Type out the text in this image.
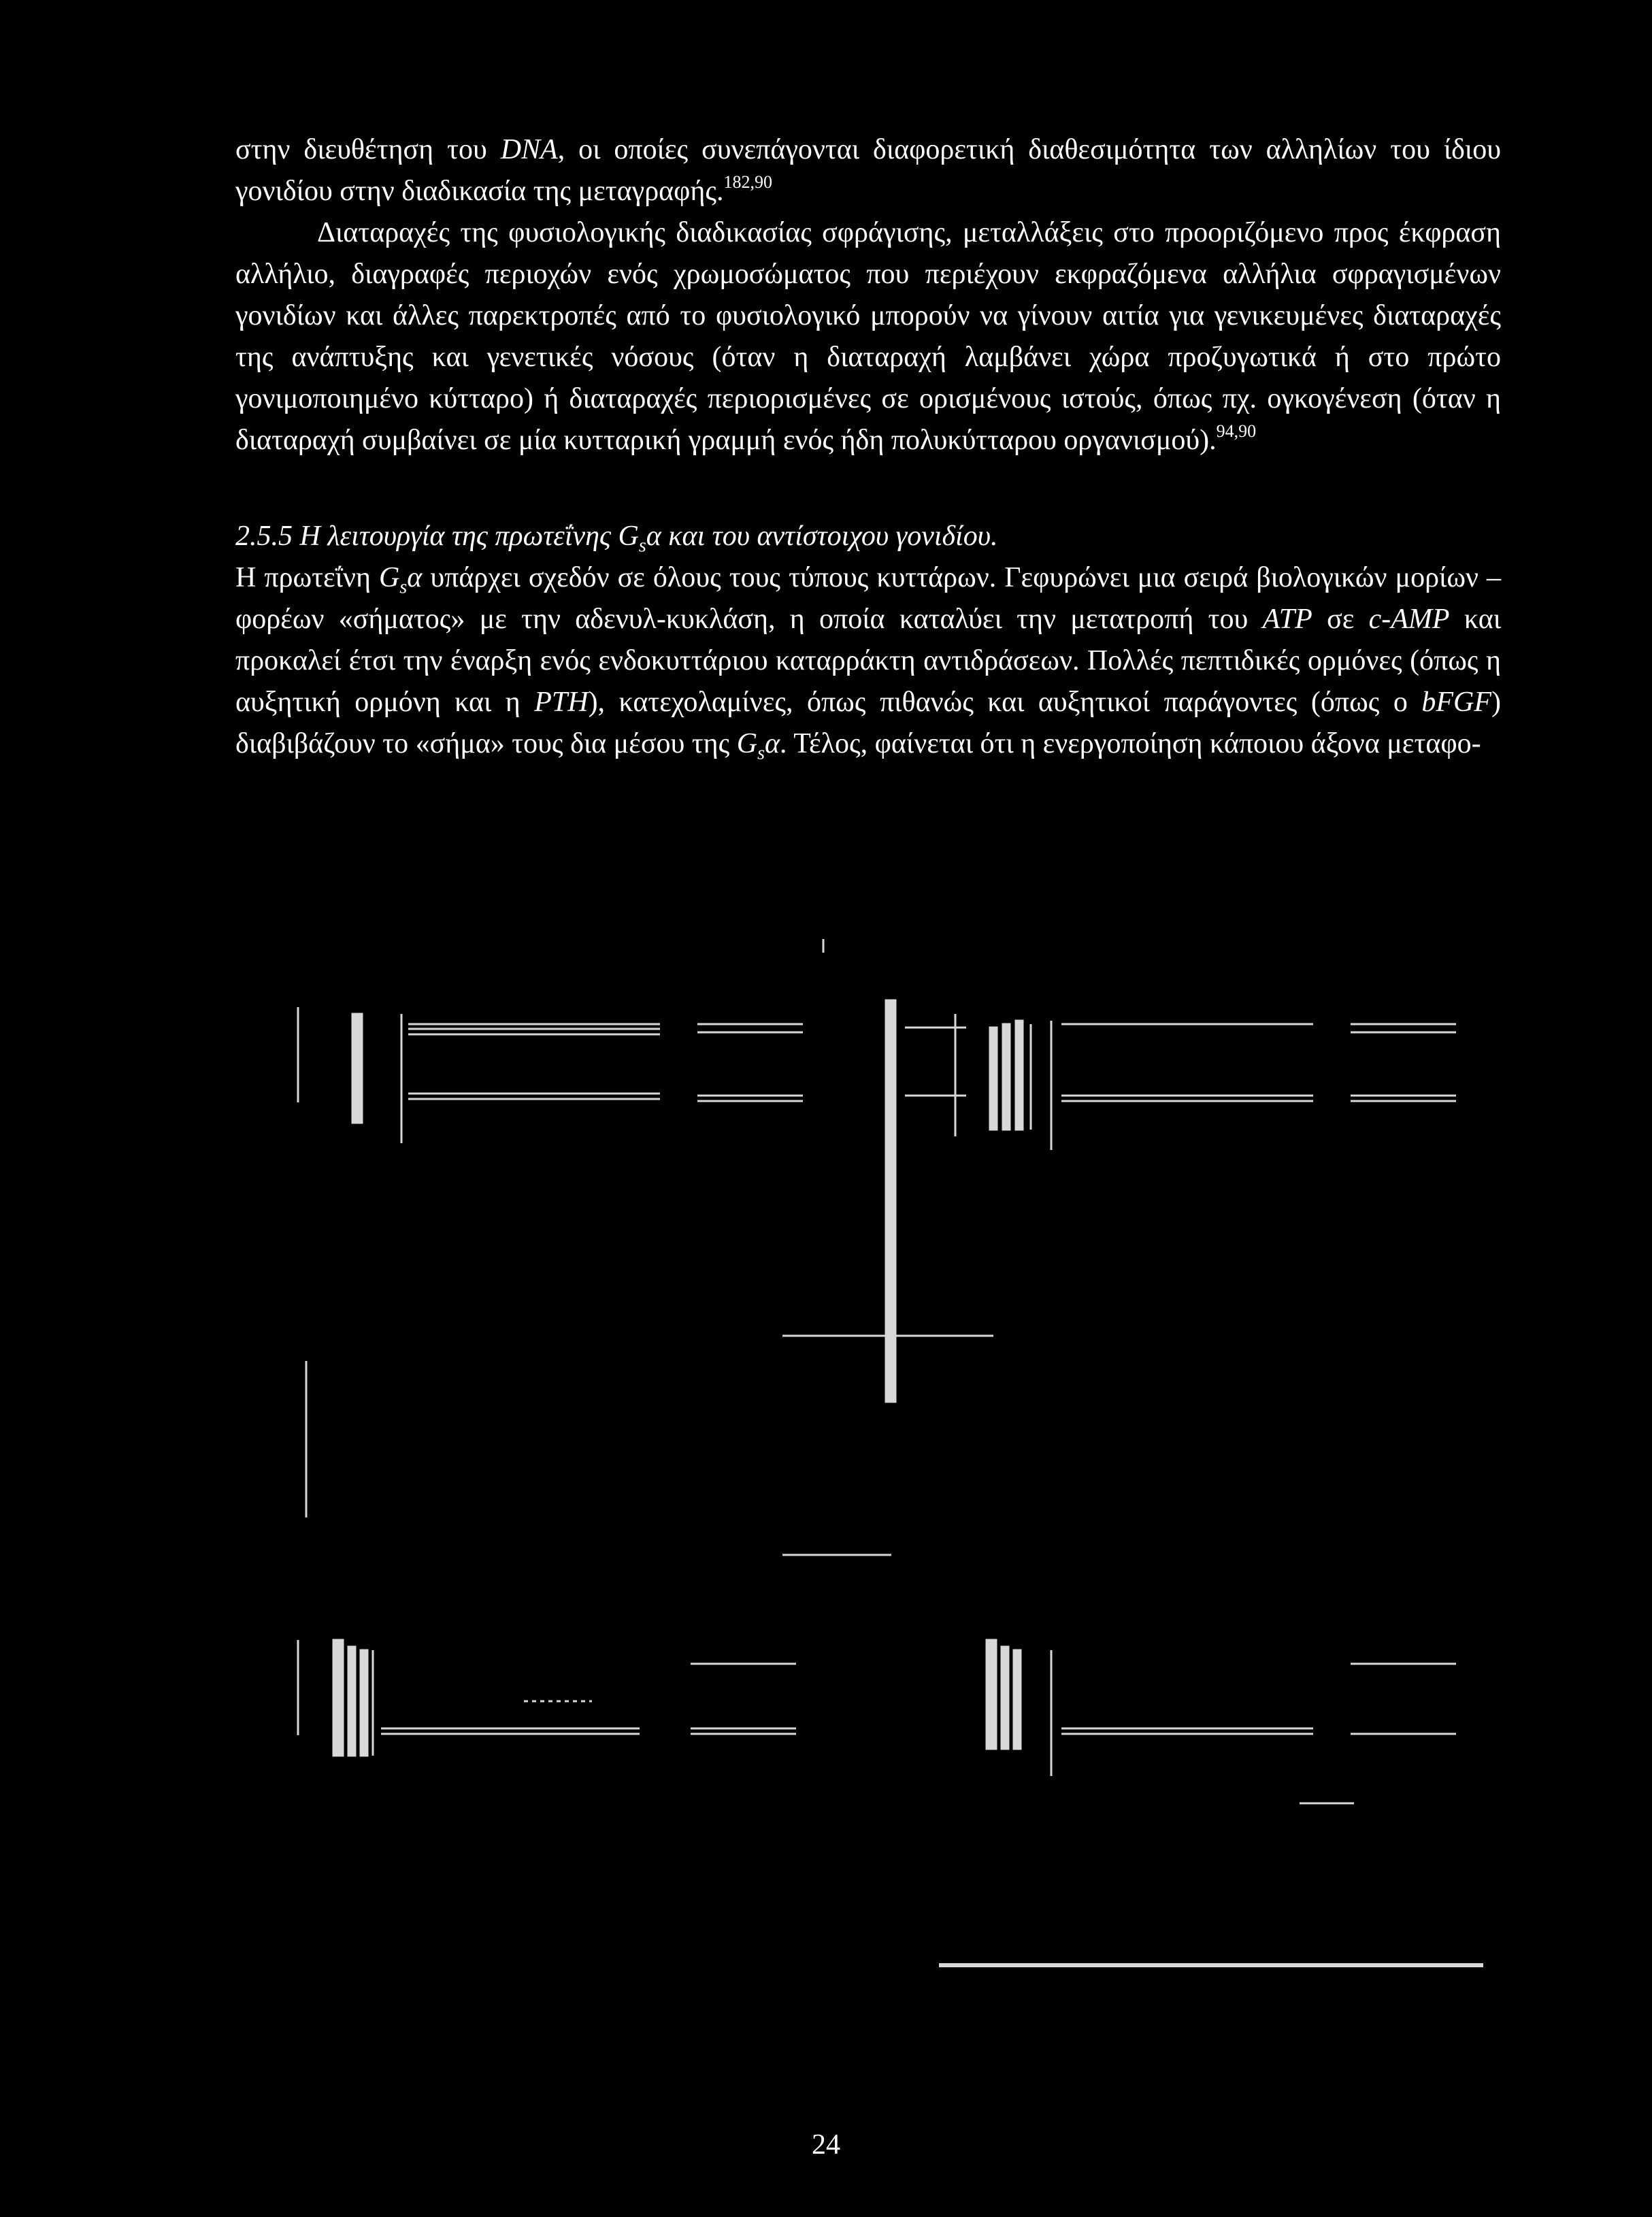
στην διευθέτηση του DNA, οι οποίες συνεπάγονται διαφορετική διαθεσιμότητα των αλληλίων του ίδιου γονιδίου στην διαδικασία της μεταγραφής.$^{182,90}$

Διαταραχές της φυσιολογικής διαδικασίας σφράγισης, μεταλλάξεις στο προοριζόμενο προς έκφραση αλλήλιο, διαγραφές περιοχών ενός χρωμοσώματος που περιέχουν εκφραζόμενα αλλήλια σφραγισμένων γονιδίων και άλλες παρεκτροπές από το φυσιολογικό μπορούν να γίνουν αιτία για γενικευμένες διαταραχές της ανάπτυξης και γενετικές νόσους (όταν η διαταραχή λαμβάνει χώρα προζυγωτικά ή στο πρώτο γονιμοποιημένο κύτταρο) ή διαταραχές περιορισμένες σε ορισμένους ιστούς, όπως πχ. ογκογένεση (όταν η διαταραχή συμβαίνει σε μία κυτταρική γραμμή ενός ήδη πολυκύτταρου οργανισμού).$^{94,90}$

2.5.5 Η λειτουργία της πρωτεΐνης $G_s\alpha$ και του αντίστοιχου γονιδίου.

Η πρωτεΐνη $G_s\alpha$ υπάρχει σχεδόν σε όλους τους τύπους κυττάρων. Γεφυρώνει μια σειρά βιολογικών μορίων – φορέων «σήματος» με την αδενυλ-κυκλάση, η οποία καταλύει την μετατροπή του ATP σε c-AMP και προκαλεί έτσι την έναρξη ενός ενδοκυττάριου καταρράκτη αντιδράσεων. Πολλές πεπτιδικές ορμόνες (όπως η αυξητική ορμόνη και η PTH), κατεχολαμίνες, όπως πιθανώς και αυξητικοί παράγοντες (όπως ο bFGF) διαβιβάζουν το «σήμα» τους δια μέσου της $G_s\alpha$. Τέλος, φαίνεται ότι η ενεργοποίηση κάποιου άξονα μεταφο-

24
